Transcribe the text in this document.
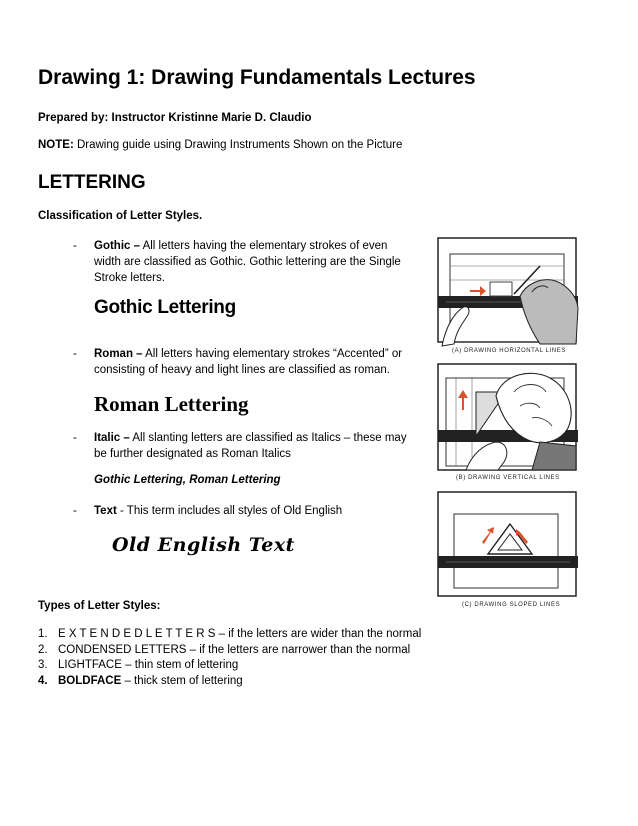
Drawing 1: Drawing Fundamentals Lectures
Prepared by: Instructor Kristinne Marie D. Claudio
NOTE: Drawing guide using Drawing Instruments Shown on the Picture
LETTERING
Classification of Letter Styles.
- Gothic – All letters having the elementary strokes of even width are classified as Gothic. Gothic lettering are the Single Stroke letters.
Gothic Lettering
- Roman – All letters having elementary strokes “Accented” or consisting of heavy and light lines are classified as roman.
Roman Lettering
- Italic – All slanting letters are classified as Italics – these may be further designated as Roman Italics
Gothic Lettering, Roman Lettering
- Text - This term includes all styles of Old English
Old English Text
Types of Letter Styles:
1. E X T E N D E D L E T T E R S – if the letters are wider than the normal
2. CONDENSED LETTERS – if the letters are narrower than the normal
3. LIGHTFACE – thin stem of lettering
4. BOLDFACE – thick stem of lettering
(A) DRAWING HORIZONTAL LINES
(B) DRAWING VERTICAL LINES
(C) DRAWING SLOPED LINES
